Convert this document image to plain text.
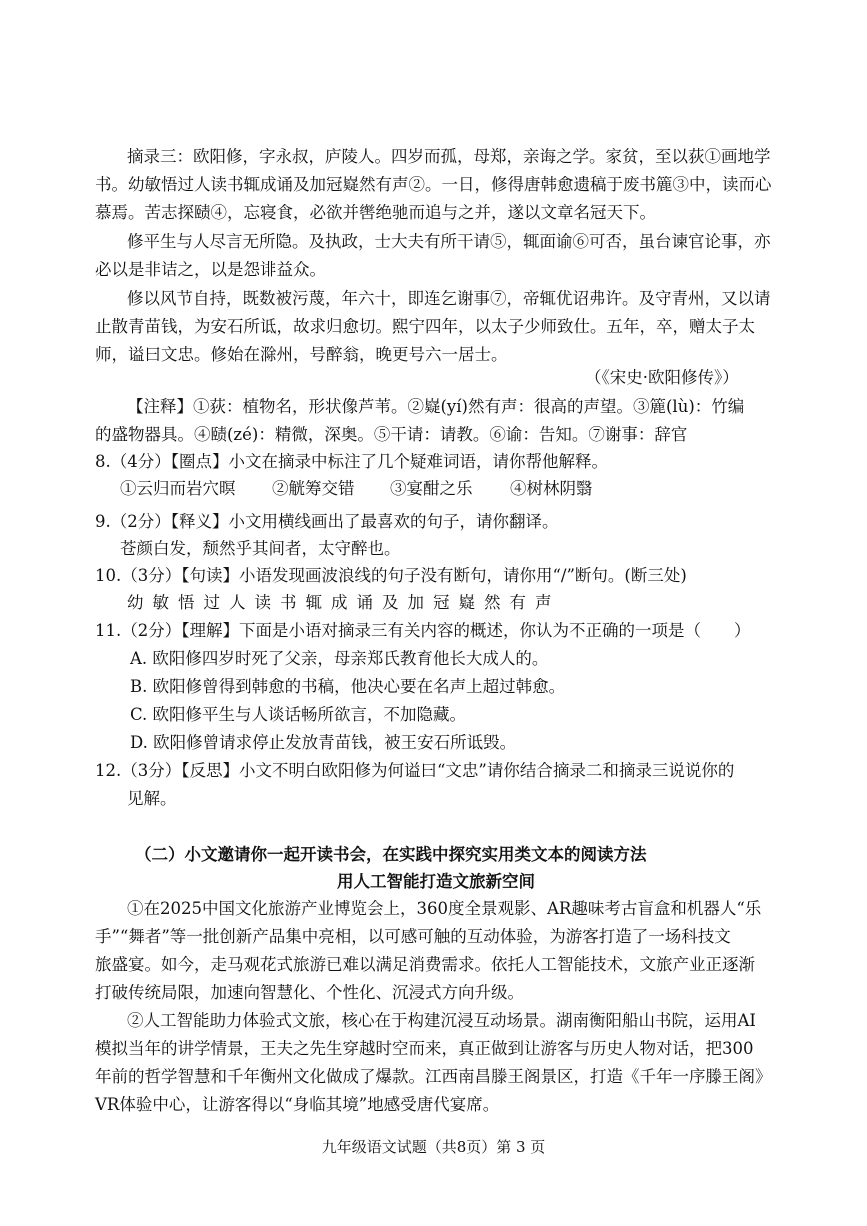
摘录三：欧阳修，字永叔，庐陵人。四岁而孤，母郑，亲诲之学。家贫，至以荻①画地学
书。幼敏悟过人读书辄成诵及加冠嶷然有声②。一日，修得唐韩愈遗稿于废书簏③中，读而心
慕焉。苦志探赜④，忘寝食，必欲并辔绝驰而追与之并，遂以文章名冠天下。
修平生与人尽言无所隐。及执政，士大夫有所干请⑤，辄面谕⑥可否，虽台谏官论事，亦
必以是非诘之，以是怨诽益众。
修以风节自持，既数被污蔑，年六十，即连乞谢事⑦，帝辄优诏弗许。及守青州，又以请
止散青苗钱，为安石所诋，故求归愈切。熙宁四年，以太子少师致仕。五年，卒，赠太子太
师，谥曰文忠。修始在滁州，号醉翁，晚更号六一居士。
（《宋史·欧阳修传》）
【注释】①荻：植物名，形状像芦苇。②嶷(yí)然有声：很高的声望。③簏(lù)：竹编
的盛物器具。④赜(zé)：精微，深奥。⑤干请：请教。⑥谕：告知。⑦谢事：辞官
8.（4分）【圈点】小文在摘录中标注了几个疑难词语，请你帮他解释。
①云归而岩穴暝 ②觥筹交错 ③宴酣之乐 ④树林阴翳
9.（2分）【释义】小文用横线画出了最喜欢的句子，请你翻译。
苍颜白发，颓然乎其间者，太守醉也。
10.（3分）【句读】小语发现画波浪线的句子没有断句，请你用“/”断句。(断三处)
幼敏悟过人读书辄成诵及加冠嶷然有声
11.（2分）【理解】下面是小语对摘录三有关内容的概述，你认为不正确的一项是（　　）
A. 欧阳修四岁时死了父亲，母亲郑氏教育他长大成人的。
B. 欧阳修曾得到韩愈的书稿，他决心要在名声上超过韩愈。
C. 欧阳修平生与人谈话畅所欲言，不加隐藏。
D. 欧阳修曾请求停止发放青苗钱，被王安石所诋毁。
12.（3分）【反思】小文不明白欧阳修为何谥曰“文忠”请你结合摘录二和摘录三说说你的
见解。
（二）小文邀请你一起开读书会，在实践中探究实用类文本的阅读方法
用人工智能打造文旅新空间
①在2025中国文化旅游产业博览会上，360度全景观影、AR趣味考古盲盒和机器人“乐
手”“舞者”等一批创新产品集中亮相，以可感可触的互动体验，为游客打造了一场科技文
旅盛宴。如今，走马观花式旅游已难以满足消费需求。依托人工智能技术，文旅产业正逐渐
打破传统局限，加速向智慧化、个性化、沉浸式方向升级。
②人工智能助力体验式文旅，核心在于构建沉浸互动场景。湖南衡阳船山书院，运用AI
模拟当年的讲学情景，王夫之先生穿越时空而来，真正做到让游客与历史人物对话，把300
年前的哲学智慧和千年衡州文化做成了爆款。江西南昌滕王阁景区，打造《千年一序滕王阁》
VR体验中心，让游客得以“身临其境”地感受唐代宴席。
九年级语文试题（共8页）第 3 页
